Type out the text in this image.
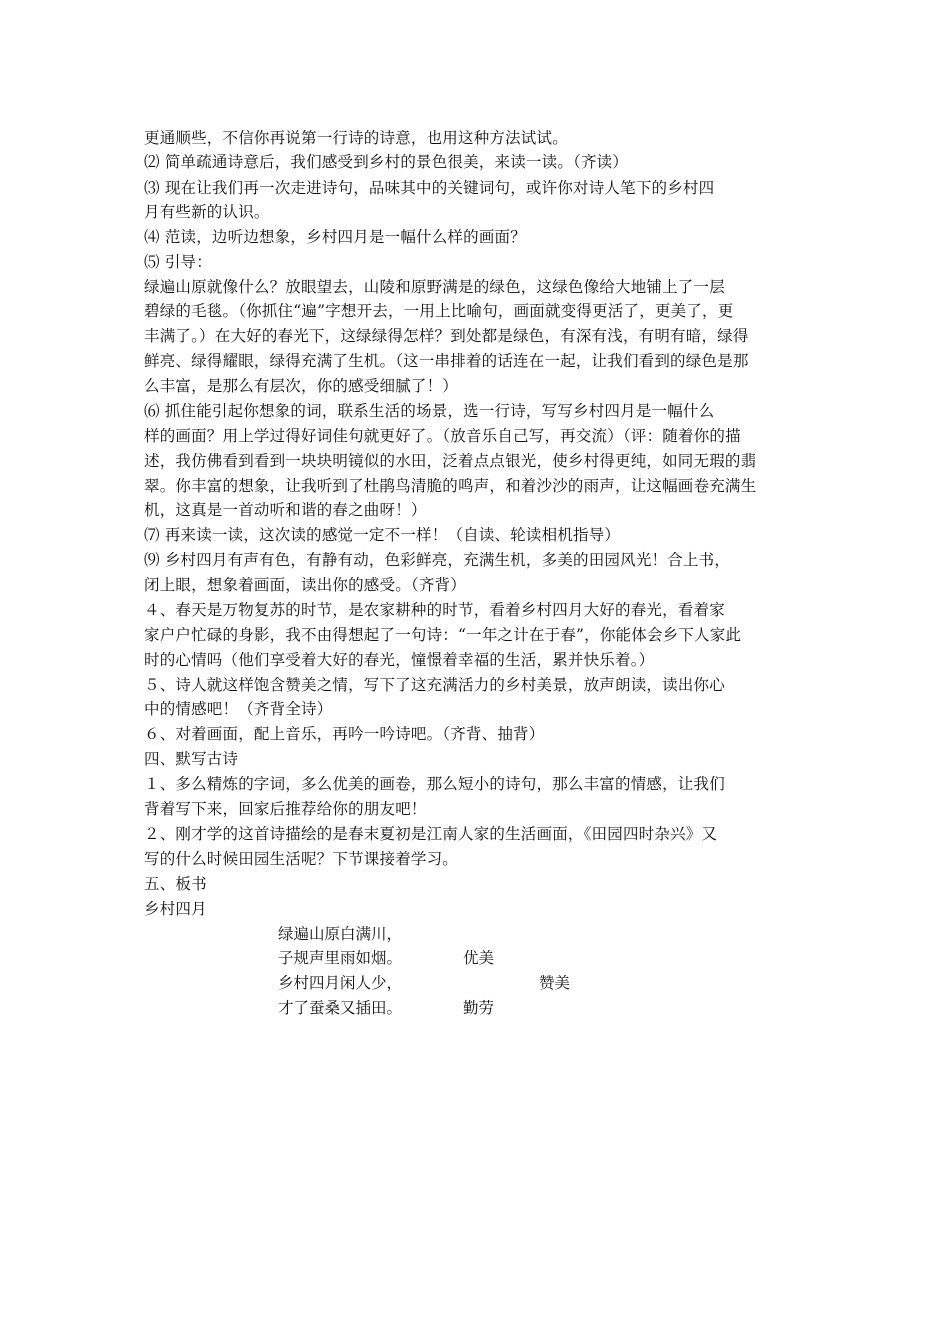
更通顺些，不信你再说第一行诗的诗意，也用这种方法试试。
⑵ 简单疏通诗意后，我们感受到乡村的景色很美，来读一读。（齐读）
⑶ 现在让我们再一次走进诗句，品味其中的关键词句，或许你对诗人笔下的乡村四
月有些新的认识。
⑷ 范读，边听边想象，乡村四月是一幅什么样的画面？
⑸ 引导：
绿遍山原就像什么？放眼望去，山陵和原野满是的绿色，这绿色像给大地铺上了一层
碧绿的毛毯。（你抓住“遍”字想开去，一用上比喻句，画面就变得更活了，更美了，更
丰满了。）在大好的春光下，这绿绿得怎样？到处都是绿色，有深有浅，有明有暗，绿得
鲜亮、绿得耀眼，绿得充满了生机。（这一串排着的话连在一起，让我们看到的绿色是那
么丰富，是那么有层次，你的感受细腻了！）
⑹ 抓住能引起你想象的词，联系生活的场景，选一行诗，写写乡村四月是一幅什么
样的画面？用上学过得好词佳句就更好了。（放音乐自己写，再交流）（评：随着你的描
述，我仿佛看到看到一块块明镜似的水田，泛着点点银光，使乡村得更纯，如同无瑕的翡
翠。你丰富的想象，让我听到了杜鹃鸟清脆的鸣声，和着沙沙的雨声，让这幅画卷充满生
机，这真是一首动听和谐的春之曲呀！）
⑺ 再来读一读，这次读的感觉一定不一样！（自读、轮读相机指导）
⑼ 乡村四月有声有色，有静有动，色彩鲜亮，充满生机，多美的田园风光！合上书，
闭上眼，想象着画面，读出你的感受。（齐背）
４、春天是万物复苏的时节，是农家耕种的时节，看着乡村四月大好的春光，看着家
家户户忙碌的身影，我不由得想起了一句诗：“一年之计在于春”，你能体会乡下人家此
时的心情吗（他们享受着大好的春光，憧憬着幸福的生活，累并快乐着。）
５、诗人就这样饱含赞美之情，写下了这充满活力的乡村美景，放声朗读，读出你心
中的情感吧！（齐背全诗）
６、对着画面，配上音乐，再吟一吟诗吧。（齐背、抽背）
四、默写古诗
１、多么精炼的字词，多么优美的画卷，那么短小的诗句，那么丰富的情感，让我们
背着写下来，回家后推荐给你的朋友吧！
２、刚才学的这首诗描绘的是春末夏初是江南人家的生活画面，《田园四时杂兴》又
写的什么时候田园生活呢？下节课接着学习。
五、板书
乡村四月
绿遍山原白满川，
子规声里雨如烟。	优美
乡村四月闲人少，	赞美
才了蚕桑又插田。	勤劳
